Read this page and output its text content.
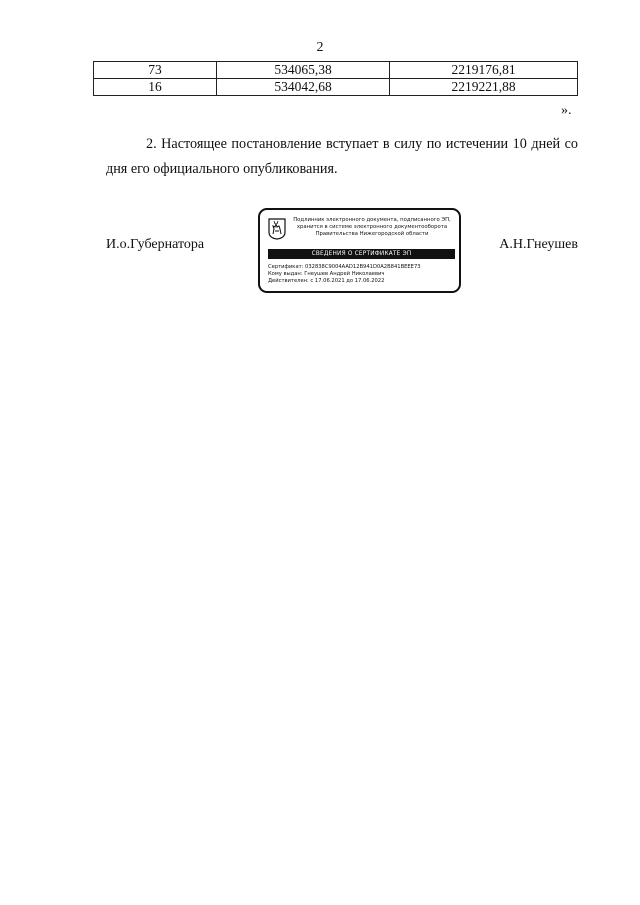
2
73	534065,38	2219176,81
16	534042,68	2219221,88
».
2. Настоящее постановление вступает в силу по истечении 10 дней со дня его официального опубликования.
И.о.Губернатора	А.Н.Гнеушев
Подлинник электронного документа, подписанного ЭП,
хранится в системе электронного документооборота
Правительства Нижегородской области
СВЕДЕНИЯ О СЕРТИФИКАТЕ ЭП
Сертификат: 032838C9004AAD12B941D0A2B841BEEE73
Кому выдан: Гнеушев Андрей Николаевич
Действителен: с 17.06.2021 до 17.06.2022
